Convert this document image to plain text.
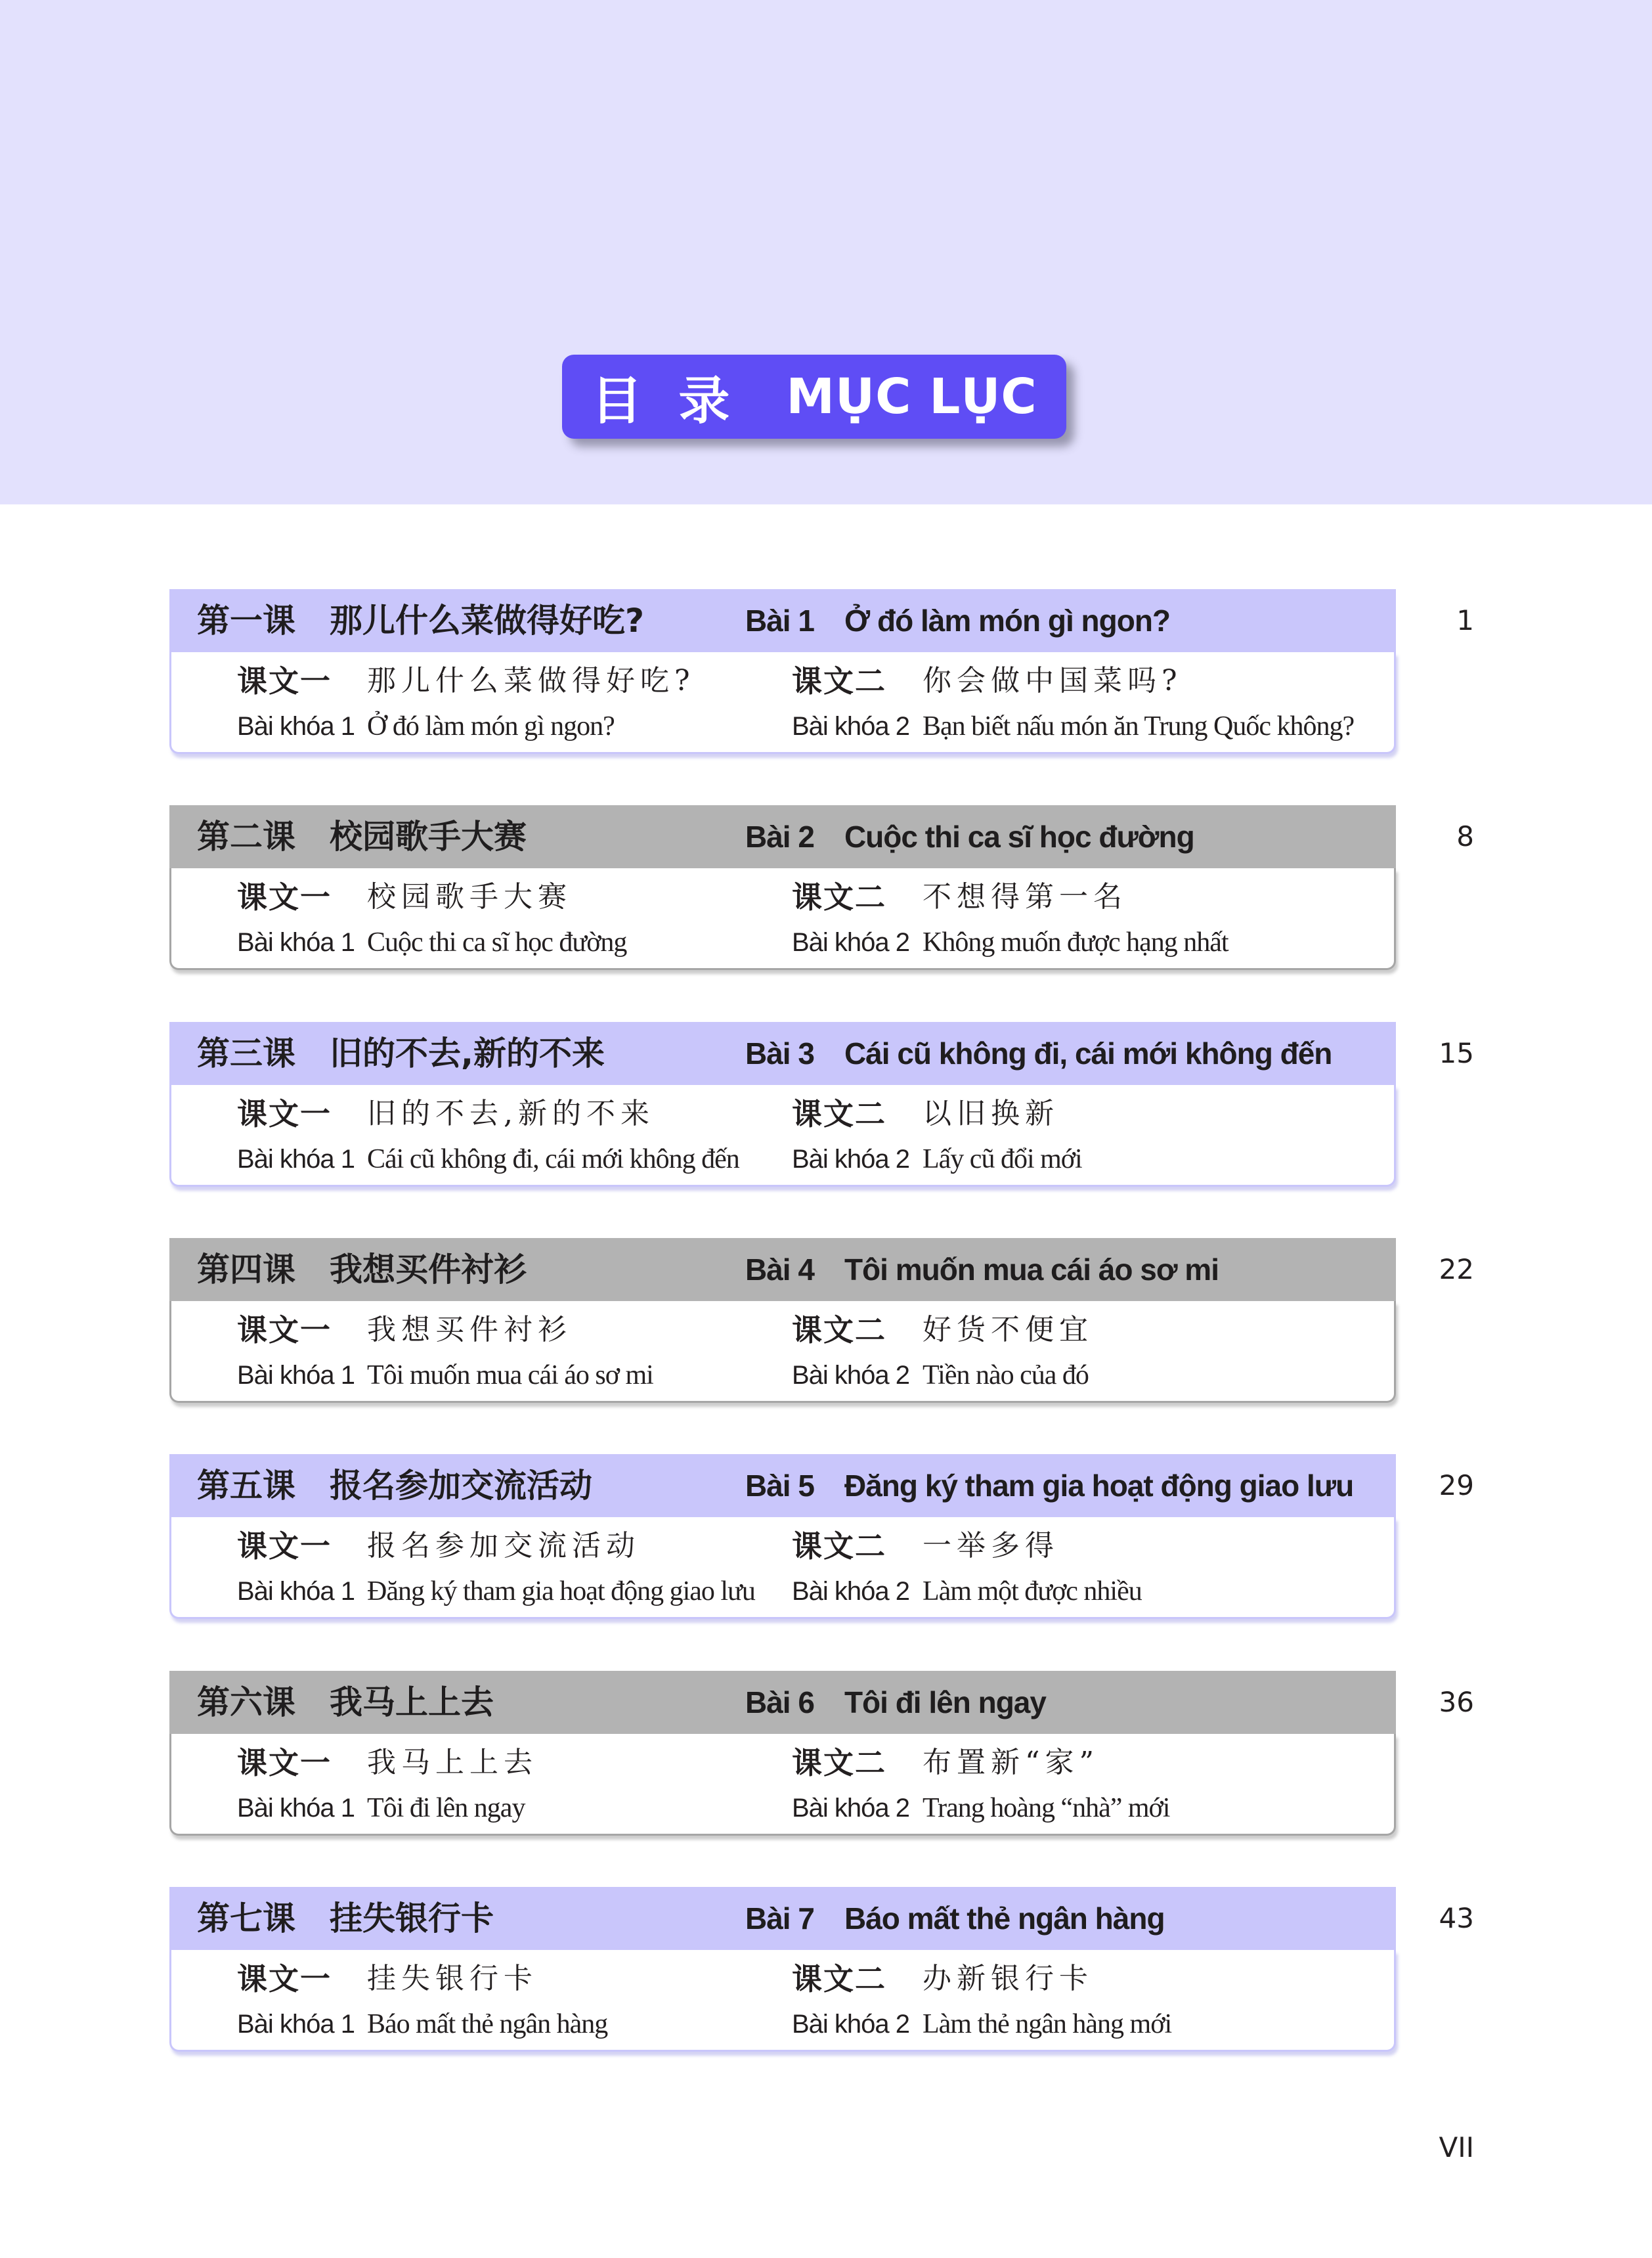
目 录 MỤC LỤC
第一课 那儿什么菜做得好吃?	Bài 1 Ở đó làm món gì ngon?
课文一 那儿什么菜做得好吃?	课文二 你会做中国菜吗?
Bài khóa 1 Ở đó làm món gì ngon?	Bài khóa 2 Bạn biết nấu món ăn Trung Quốc không?
1
第二课 校园歌手大赛	Bài 2 Cuộc thi ca sĩ học đường
课文一 校园歌手大赛	课文二 不想得第一名
Bài khóa 1 Cuộc thi ca sĩ học đường	Bài khóa 2 Không muốn được hạng nhất
8
第三课 旧的不去,新的不来	Bài 3 Cái cũ không đi, cái mới không đến
课文一 旧的不去,新的不来	课文二 以旧换新
Bài khóa 1 Cái cũ không đi, cái mới không đến Bài khóa 2 Lấy cũ đổi mới
15
第四课 我想买件衬衫	Bài 4 Tôi muốn mua cái áo sơ mi
课文一 我想买件衬衫	课文二 好货不便宜
Bài khóa 1 Tôi muốn mua cái áo sơ mi	Bài khóa 2 Tiền nào của đó
22
第五课 报名参加交流活动	Bài 5 Đăng ký tham gia hoạt động giao lưu
课文一 报名参加交流活动	课文二 一举多得
Bài khóa 1 Đăng ký tham gia hoạt động giao lưu Bài khóa 2 Làm một được nhiều
29
第六课 我马上上去	Bài 6 Tôi đi lên ngay
课文一 我马上上去	课文二 布置新“家”
Bài khóa 1 Tôi đi lên ngay	Bài khóa 2 Trang hoàng “nhà” mới
36
第七课 挂失银行卡	Bài 7 Báo mất thẻ ngân hàng
课文一 挂失银行卡	课文二 办新银行卡
Bài khóa 1 Báo mất thẻ ngân hàng	Bài khóa 2 Làm thẻ ngân hàng mới
43
VII
